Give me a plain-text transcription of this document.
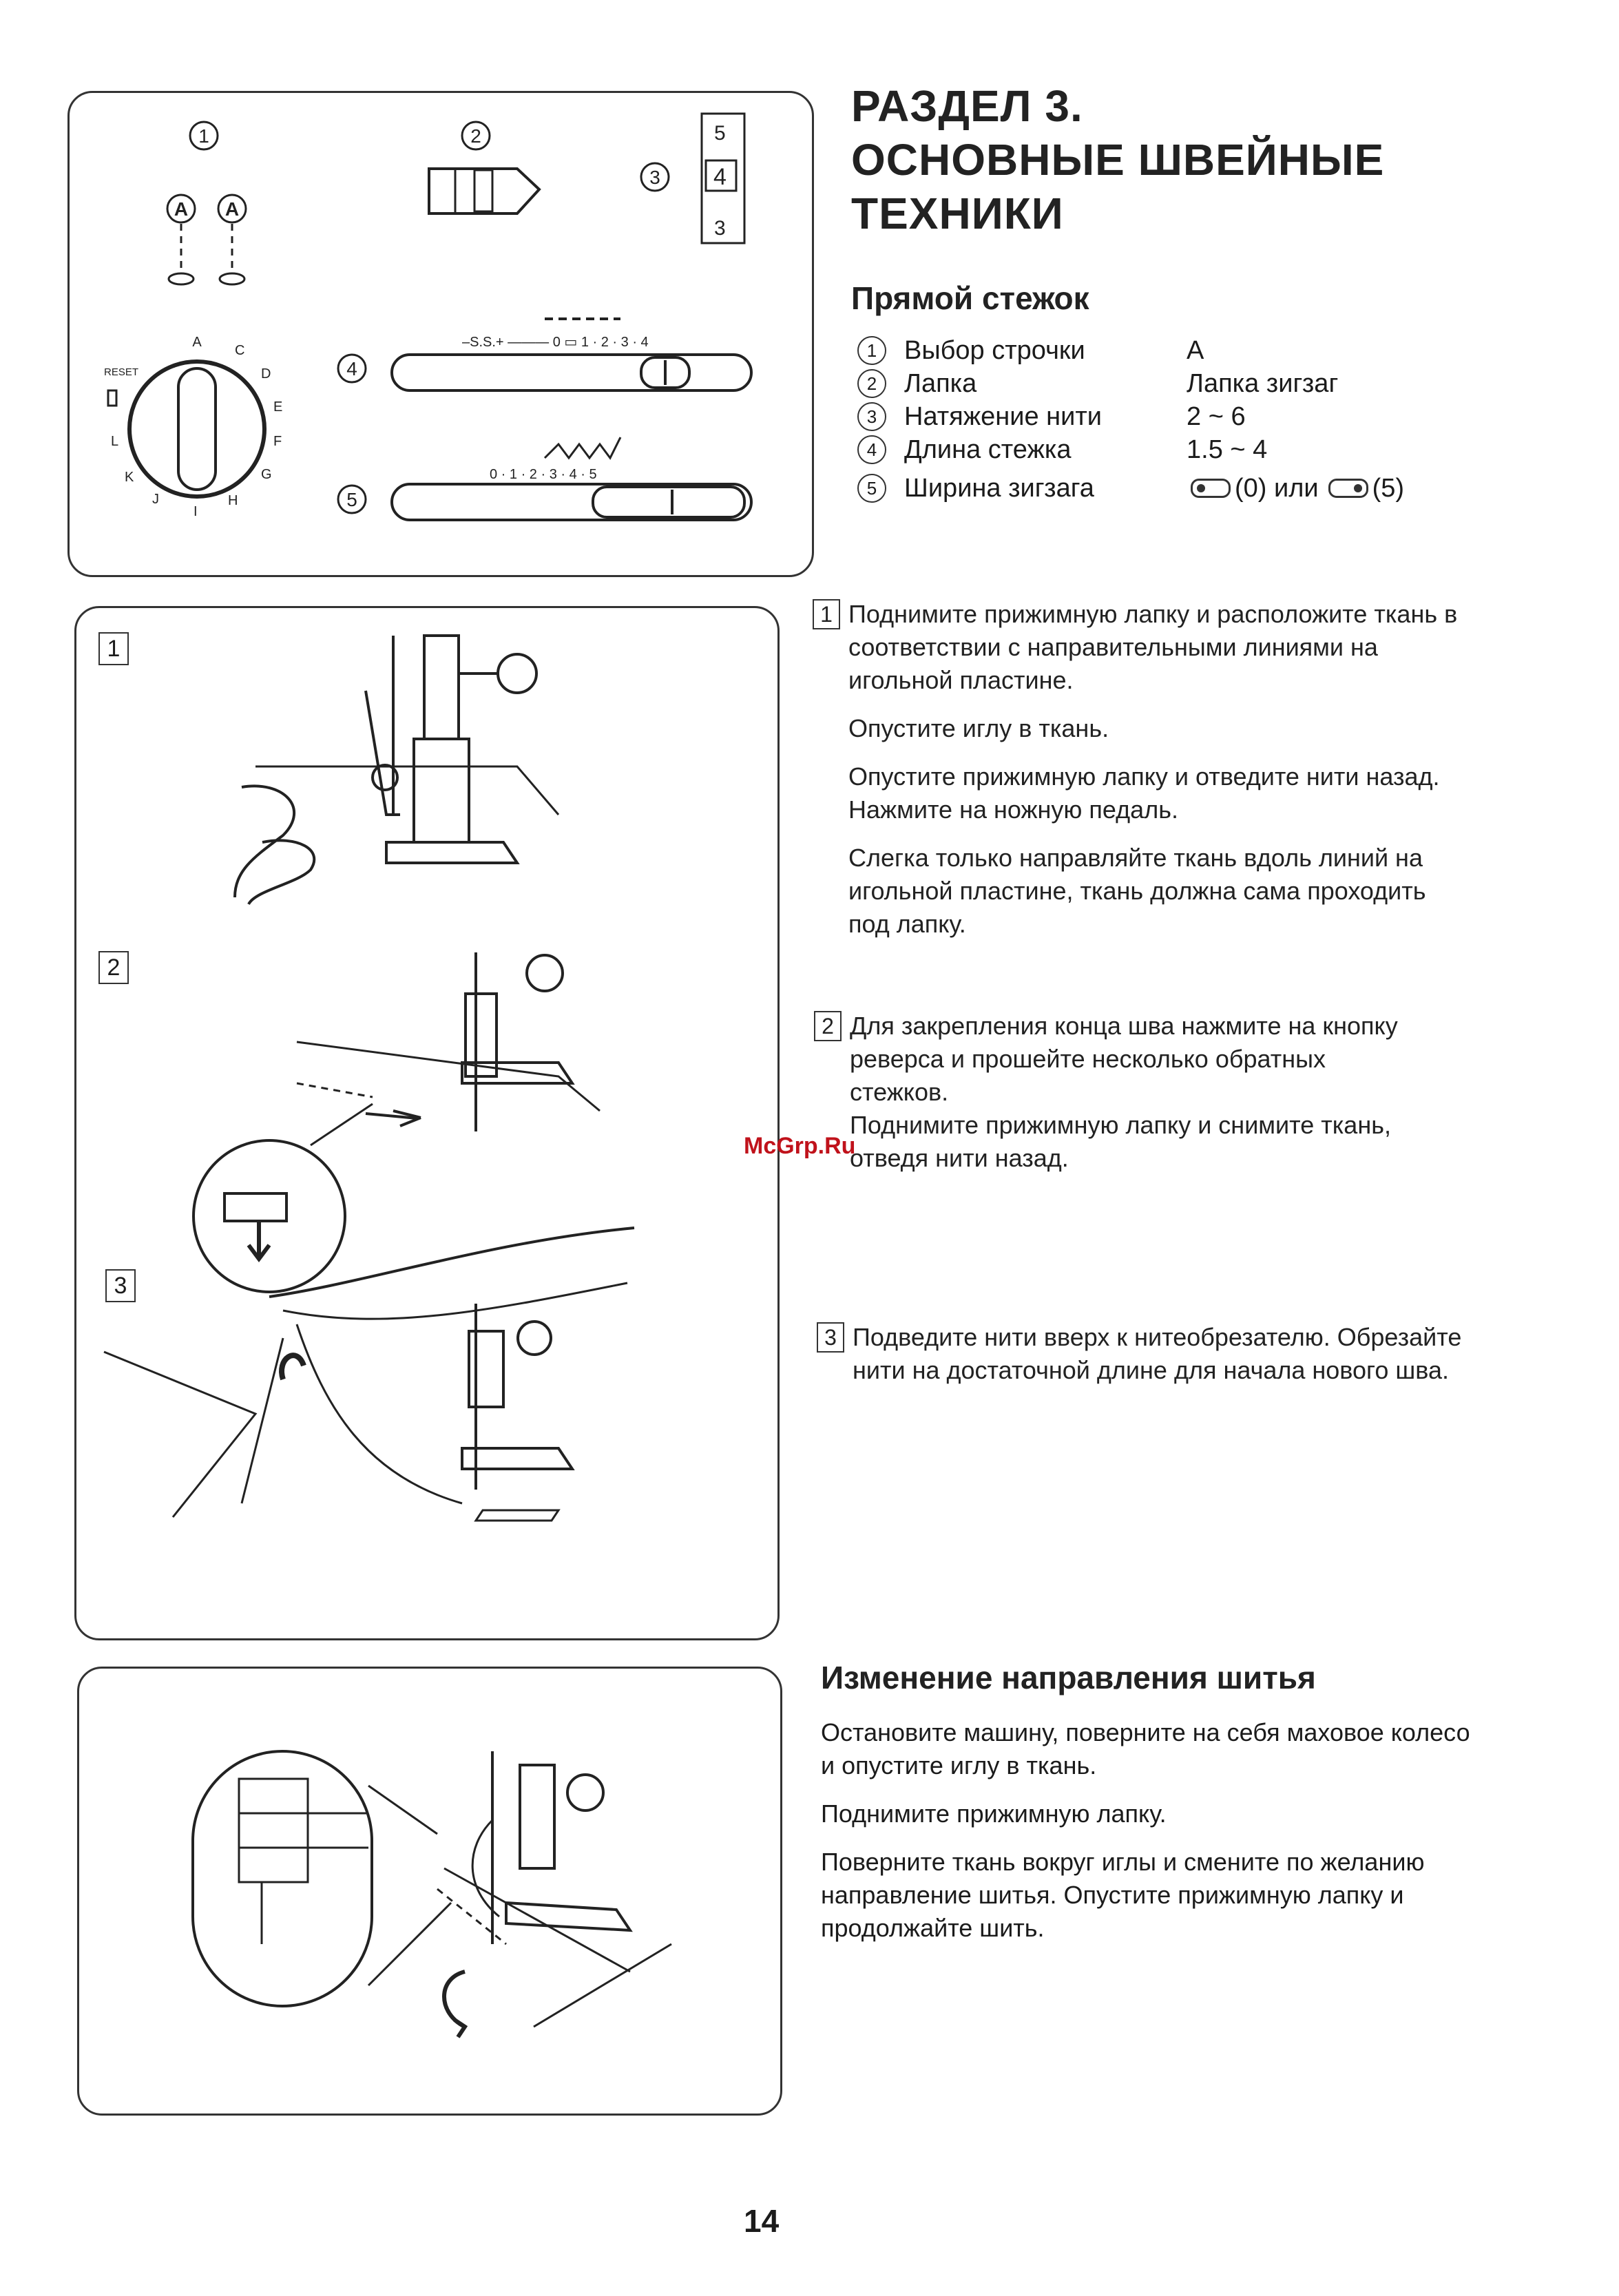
1
A A
RESET
A
C
D
E
F
G
H
I
J
K
L
2
3
5
4
3
4
–S.S.+ ——— 0 ▭ 1 · 2 · 3 · 4
5
0 · 1 · 2 · 3 · 4 · 5
РАЗДЕЛ 3.
ОСНОВНЫЕ ШВЕЙНЫЕ
ТЕХНИКИ
Прямой стежок
1	Выбор строчки	A
2	Лапка	Лапка зигзаг
3	Натяжение нити	2 ~ 6
4	Длина стежка	1.5 ~ 4
5	Ширина зигзага	(0) или (5)
1
2
3
1 Поднимите прижимную лапку и расположите ткань в соответствии с направительными линиями на игольной пластине.

Опустите иглу в ткань.

Опустите прижимную лапку и отведите нити назад. Нажмите на ножную педаль.

Слегка только направляйте ткань вдоль линий на игольной пластине, ткань должна сама проходить под лапку.

2 Для закрепления конца шва нажмите на кнопку реверса и прошейте несколько обратных стежков.

Поднимите прижимную лапку и снимите ткань, отведя нити назад.

3 Подведите нити вверх к нитеобрезателю. Обрезайте нити на достаточной длине для начала нового шва.

McGrp.Ru
Изменение направления шитья

Остановите машину, поверните на себя маховое колесо и опустите иглу в ткань.

Поднимите прижимную лапку.

Поверните ткань вокруг иглы и смените по желанию направление шитья. Опустите прижимную лапку и продолжайте шить.

14
